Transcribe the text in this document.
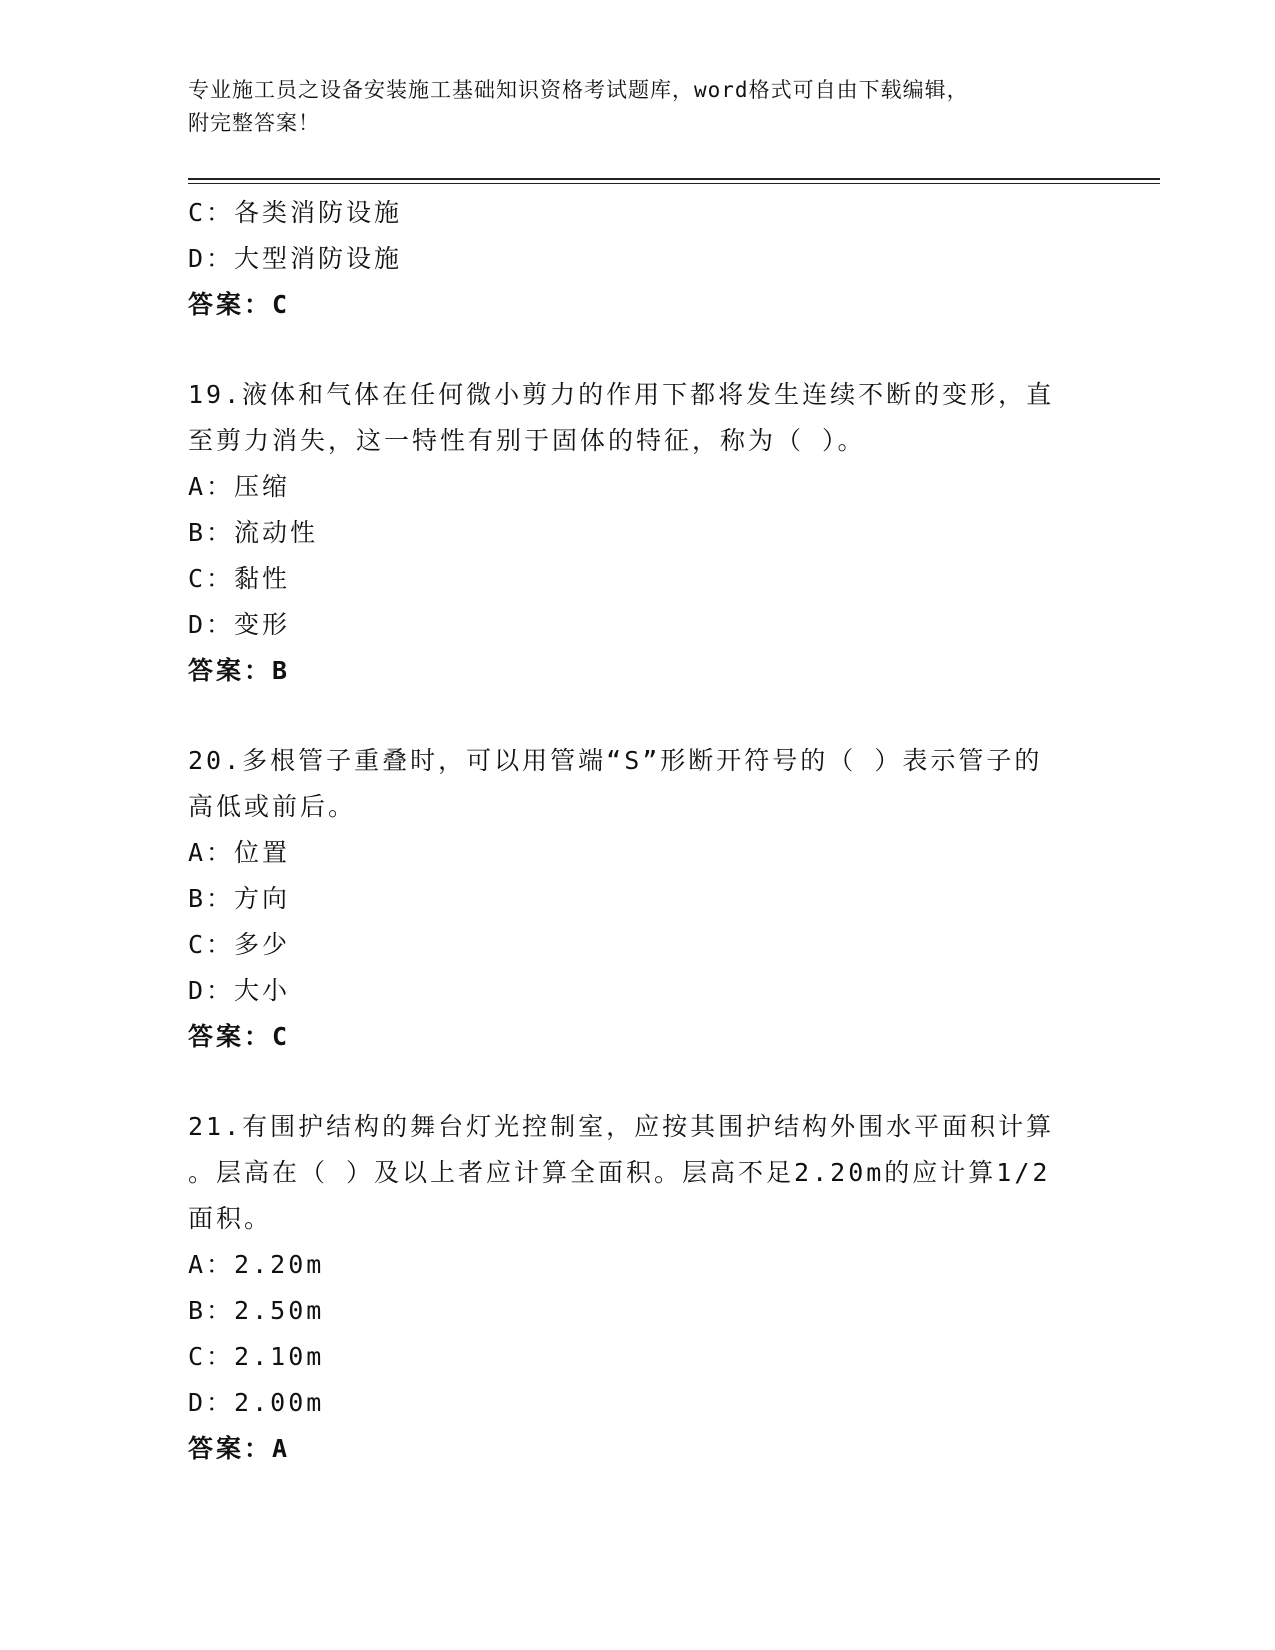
专业施工员之设备安装施工基础知识资格考试题库，word格式可自由下载编辑，
附完整答案！
C：各类消防设施
D：大型消防设施
答案：C
19.液体和气体在任何微小剪力的作用下都将发生连续不断的变形，直
至剪力消失，这一特性有别于固体的特征，称为（ ）。
A：压缩
B：流动性
C：黏性
D：变形
答案：B
20.多根管子重叠时，可以用管端“S”形断开符号的（ ）表示管子的
高低或前后。
A：位置
B：方向
C：多少
D：大小
答案：C
21.有围护结构的舞台灯光控制室，应按其围护结构外围水平面积计算
。层高在（ ）及以上者应计算全面积。层高不足2.20m的应计算1/2
面积。
A：2.20m
B：2.50m
C：2.10m
D：2.00m
答案：A
